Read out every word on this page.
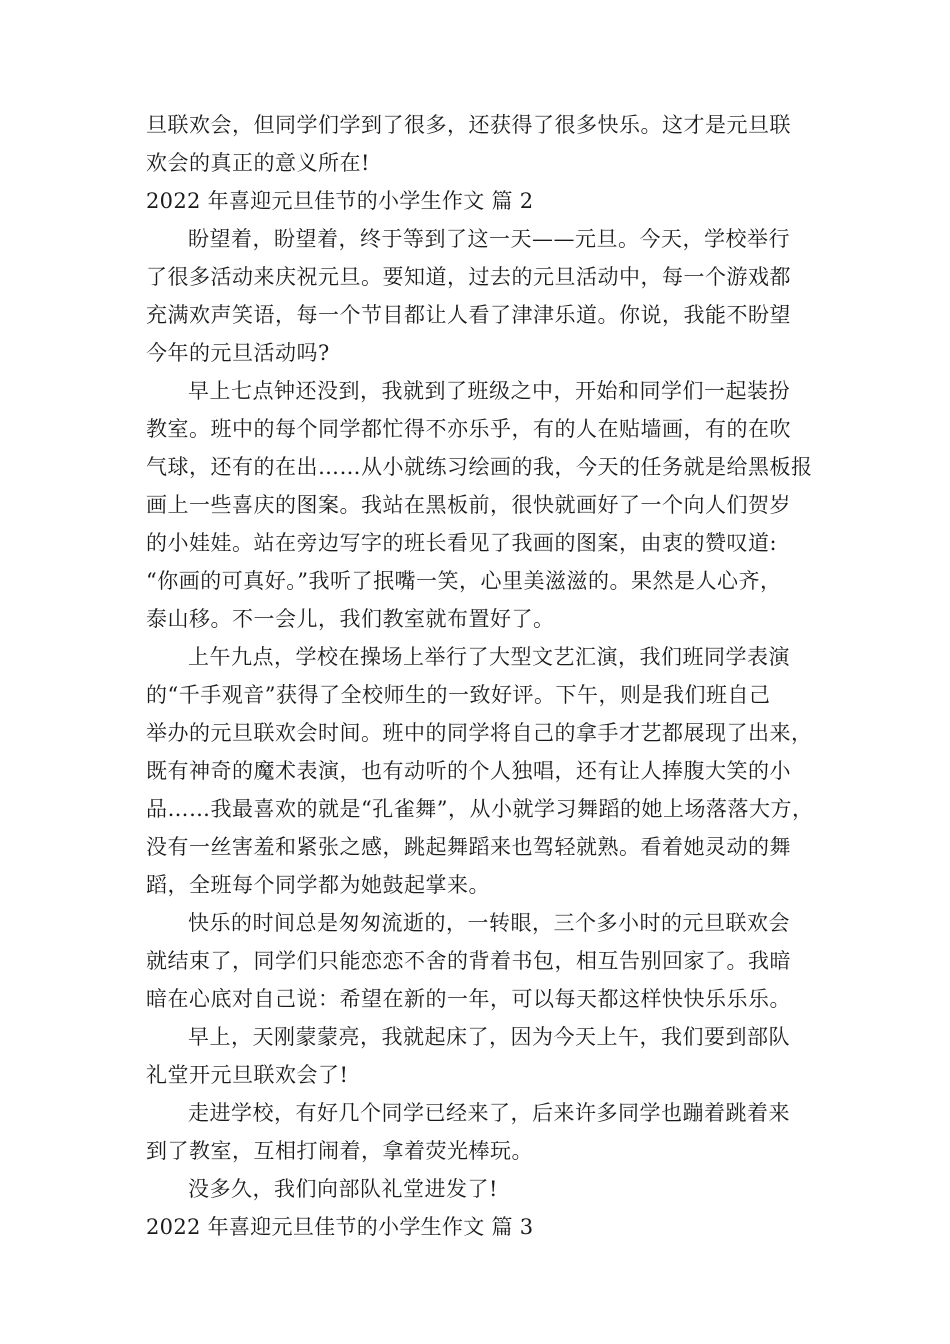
旦联欢会，但同学们学到了很多，还获得了很多快乐。这才是元旦联
欢会的真正的意义所在!
2022 年喜迎元旦佳节的小学生作文 篇 2
盼望着，盼望着，终于等到了这一天——元旦。今天，学校举行
了很多活动来庆祝元旦。要知道，过去的元旦活动中，每一个游戏都
充满欢声笑语，每一个节目都让人看了津津乐道。你说，我能不盼望
今年的元旦活动吗?
早上七点钟还没到，我就到了班级之中，开始和同学们一起装扮
教室。班中的每个同学都忙得不亦乐乎，有的人在贴墙画，有的在吹
气球，还有的在出……从小就练习绘画的我，今天的任务就是给黑板报
画上一些喜庆的图案。我站在黑板前，很快就画好了一个向人们贺岁
的小娃娃。站在旁边写字的班长看见了我画的图案，由衷的赞叹道:
“你画的可真好。”我听了抿嘴一笑，心里美滋滋的。果然是人心齐，
泰山移。不一会儿，我们教室就布置好了。
上午九点，学校在操场上举行了大型文艺汇演，我们班同学表演
的“千手观音”获得了全校师生的一致好评。下午，则是我们班自己
举办的元旦联欢会时间。班中的同学将自己的拿手才艺都展现了出来，
既有神奇的魔术表演，也有动听的个人独唱，还有让人捧腹大笑的小
品……我最喜欢的就是“孔雀舞”，从小就学习舞蹈的她上场落落大方，
没有一丝害羞和紧张之感，跳起舞蹈来也驾轻就熟。看着她灵动的舞
蹈，全班每个同学都为她鼓起掌来。
快乐的时间总是匆匆流逝的，一转眼，三个多小时的元旦联欢会
就结束了，同学们只能恋恋不舍的背着书包，相互告别回家了。我暗
暗在心底对自己说：希望在新的一年，可以每天都这样快快乐乐乐。
早上，天刚蒙蒙亮，我就起床了，因为今天上午，我们要到部队
礼堂开元旦联欢会了!
走进学校，有好几个同学已经来了，后来许多同学也蹦着跳着来
到了教室，互相打闹着，拿着荧光棒玩。
没多久，我们向部队礼堂进发了!
2022 年喜迎元旦佳节的小学生作文 篇 3
